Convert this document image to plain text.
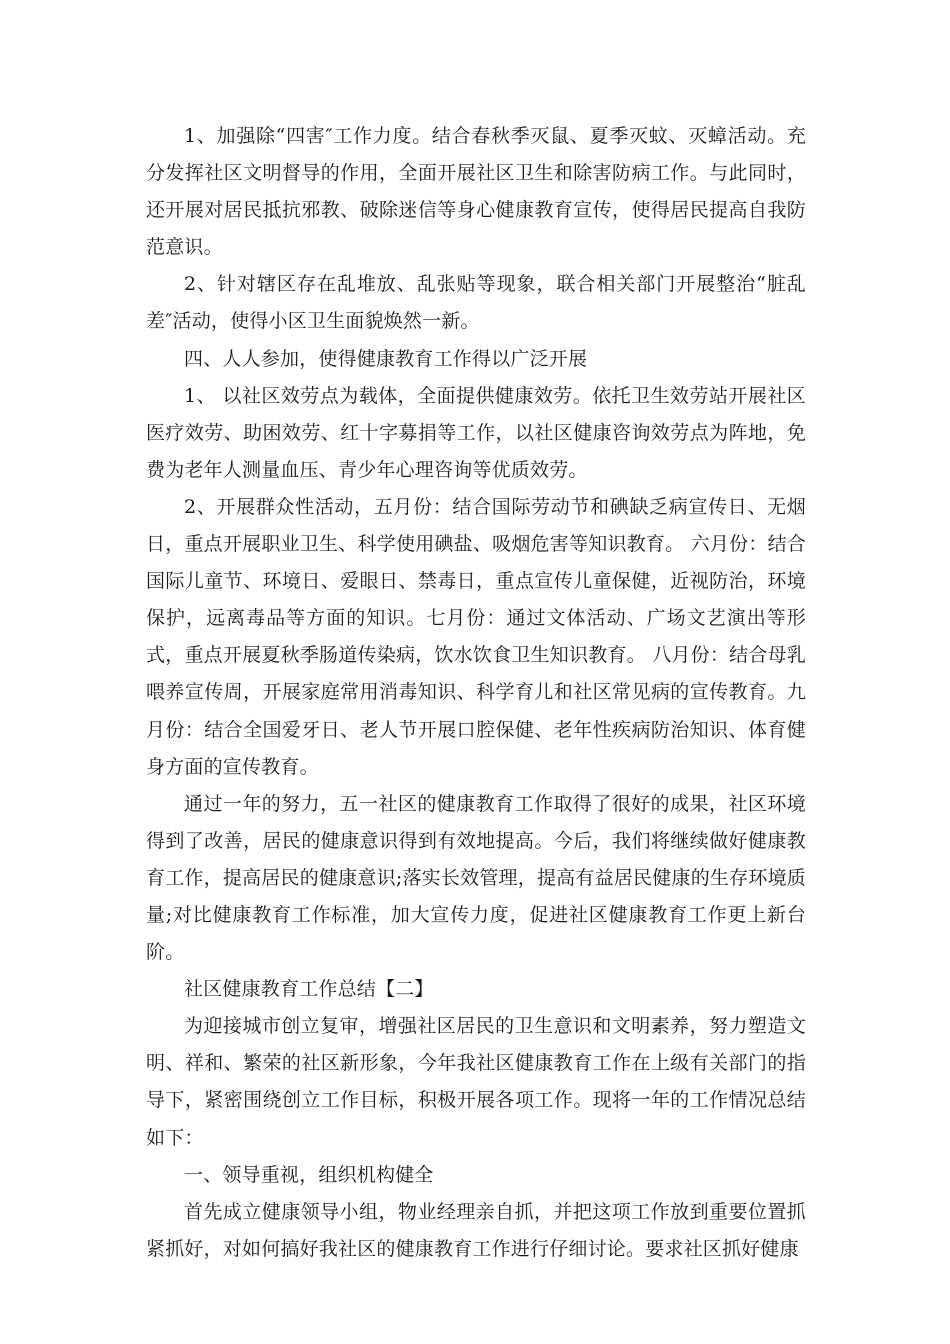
1、加强除“四害″工作力度。结合春秋季灭鼠、夏季灭蚊、灭蟑活动。充分发挥社区文明督导的作用，全面开展社区卫生和除害防病工作。与此同时，还开展对居民抵抗邪教、破除迷信等身心健康教育宣传，使得居民提高自我防范意识。

2、针对辖区存在乱堆放、乱张贴等现象，联合相关部门开展整治“脏乱差″活动，使得小区卫生面貌焕然一新。

四、人人参加，使得健康教育工作得以广泛开展

1、 以社区效劳点为载体，全面提供健康效劳。依托卫生效劳站开展社区医疗效劳、助困效劳、红十字募捐等工作，以社区健康咨询效劳点为阵地，免费为老年人测量血压、青少年心理咨询等优质效劳。

2、开展群众性活动，五月份：结合国际劳动节和碘缺乏病宣传日、无烟日，重点开展职业卫生、科学使用碘盐、吸烟危害等知识教育。 六月份：结合国际儿童节、环境日、爱眼日、禁毒日，重点宣传儿童保健，近视防治，环境保护，远离毒品等方面的知识。七月份：通过文体活动、广场文艺演出等形式，重点开展夏秋季肠道传染病，饮水饮食卫生知识教育。 八月份：结合母乳喂养宣传周，开展家庭常用消毒知识、科学育儿和社区常见病的宣传教育。九月份：结合全国爱牙日、老人节开展口腔保健、老年性疾病防治知识、体育健身方面的宣传教育。

通过一年的努力，五一社区的健康教育工作取得了很好的成果，社区环境得到了改善，居民的健康意识得到有效地提高。今后，我们将继续做好健康教育工作，提高居民的健康意识;落实长效管理，提高有益居民健康的生存环境质量;对比健康教育工作标准，加大宣传力度，促进社区健康教育工作更上新台阶。

社区健康教育工作总结【二】

为迎接城市创立复审，增强社区居民的卫生意识和文明素养，努力塑造文明、祥和、繁荣的社区新形象，今年我社区健康教育工作在上级有关部门的指导下，紧密围绕创立工作目标，积极开展各项工作。现将一年的工作情况总结如下：

一、领导重视，组织机构健全

首先成立健康领导小组，物业经理亲自抓，并把这项工作放到重要位置抓紧抓好，对如何搞好我社区的健康教育工作进行仔细讨论。要求社区抓好健康
